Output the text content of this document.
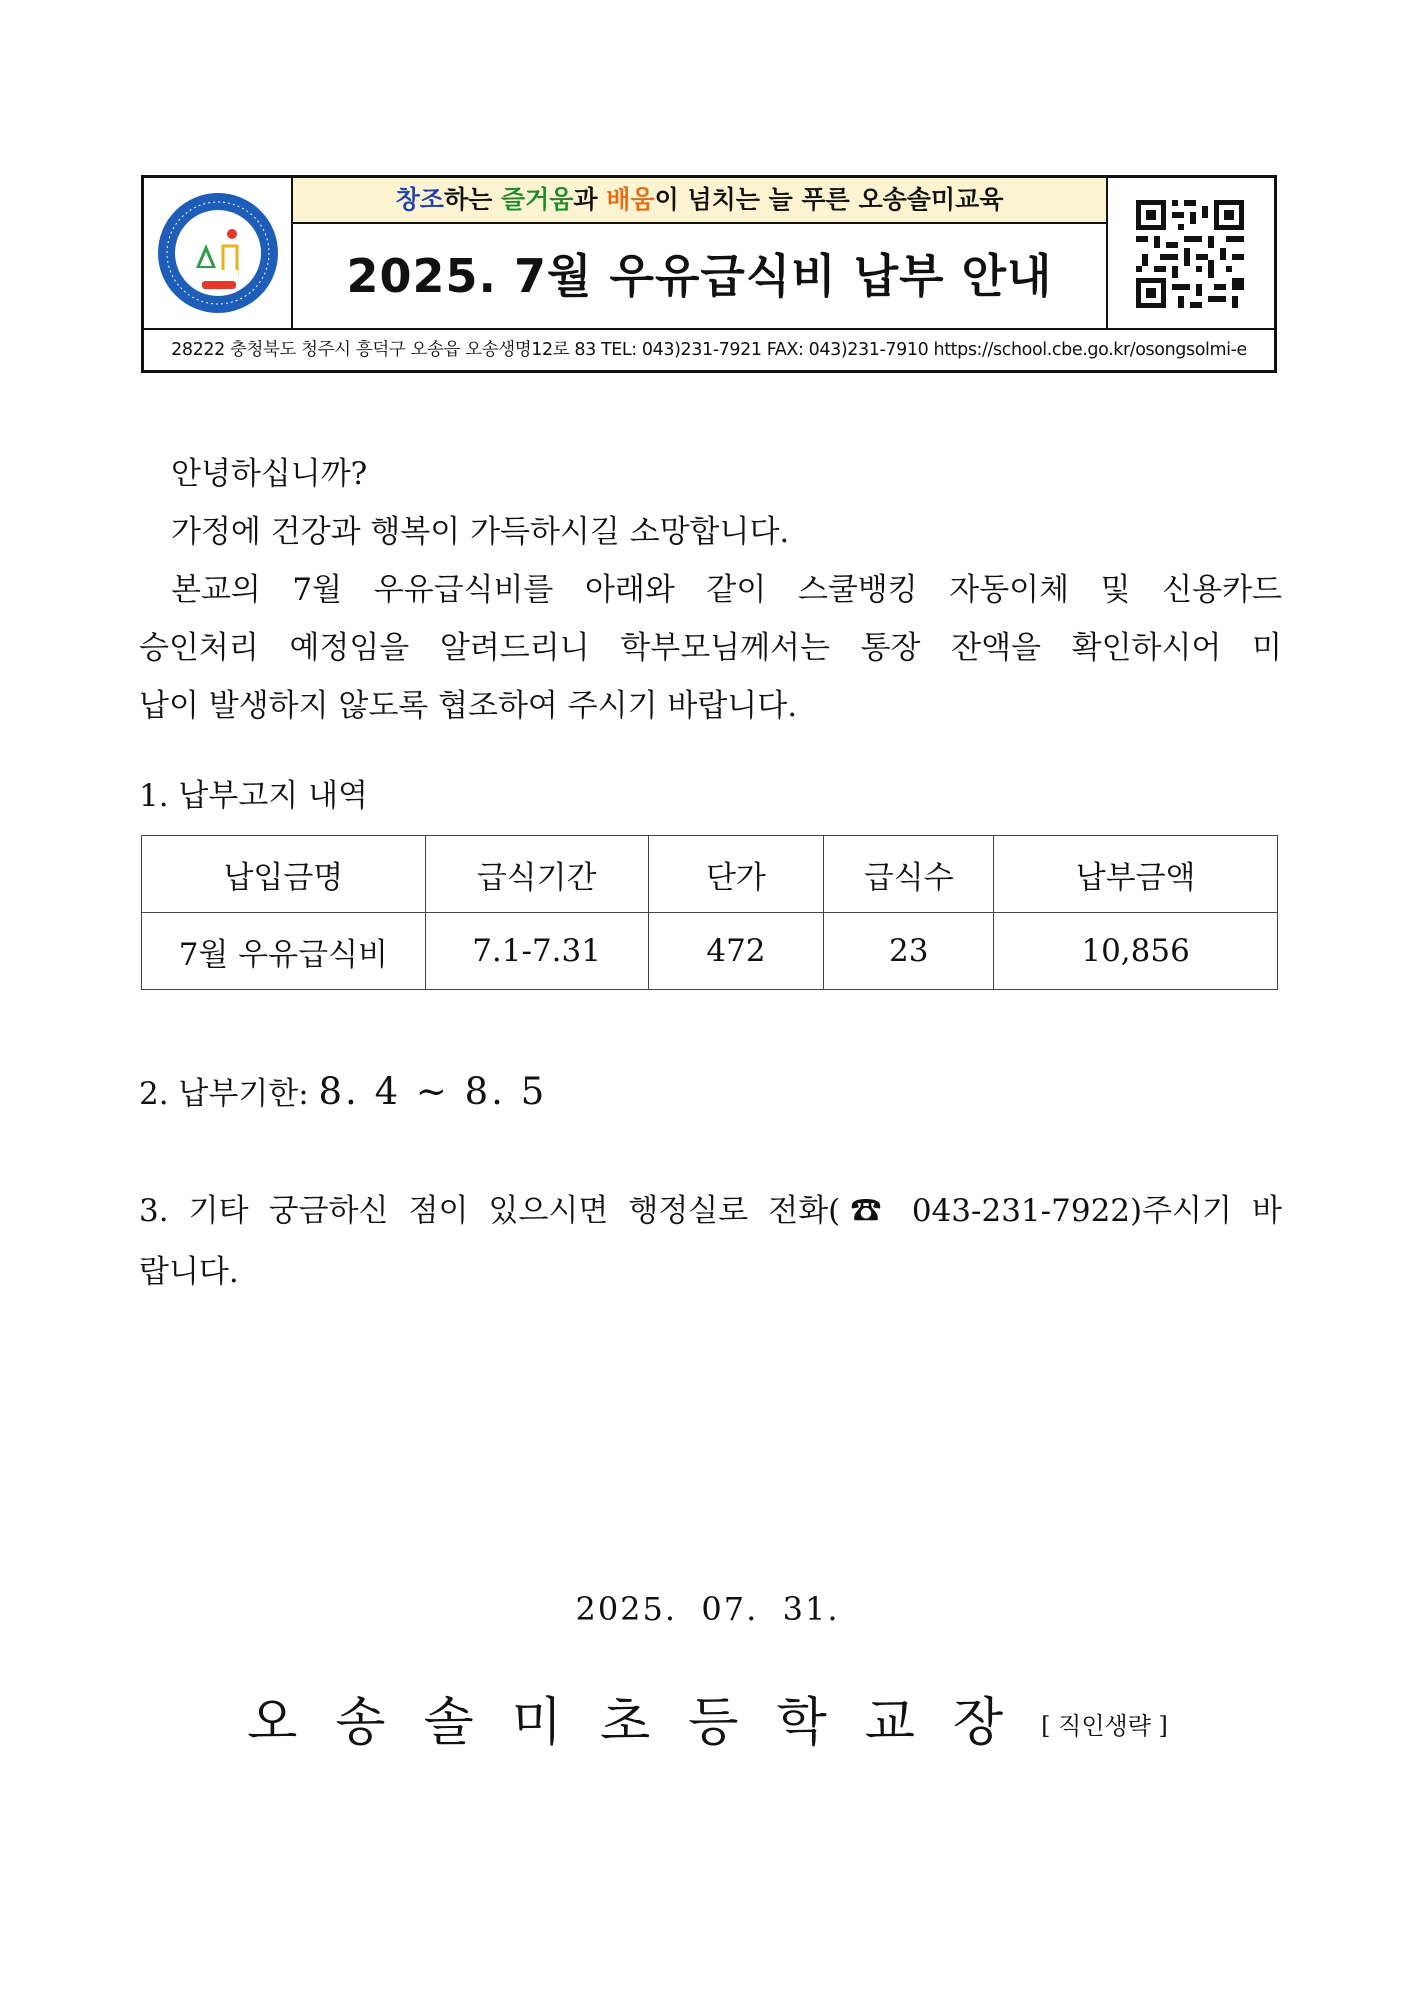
창조하는 즐거움과 배움이 넘치는 늘 푸른 오송솔미교육
2025. 7월 우유급식비 납부 안내
28222 충청북도 청주시 흥덕구 오송읍 오송생명12로 83 TEL: 043)231-7921 FAX: 043)231-7910 https://school.cbe.go.kr/osongsolmi-e
안녕하십니까?
가정에 건강과 행복이 가득하시길 소망합니다.
본교의 7월 우유급식비를 아래와 같이 스쿨뱅킹 자동이체 및 신용카드
승인처리 예정임을 알려드리니 학부모님께서는 통장 잔액을 확인하시어 미
납이 발생하지 않도록 협조하여 주시기 바랍니다.
1. 납부고지 내역
납입금명	급식기간	단가	급식수	납부금액
7월 우유급식비	7.1-7.31	472	23	10,856
2. 납부기한: 8. 4 ~ 8. 5
3. 기타 궁금하신 점이 있으시면 행정실로 전화(☎ 043-231-7922)주시기 바
랍니다.
2025.  07.  31.
오송솔미초등학교장[ 직인생략 ]
